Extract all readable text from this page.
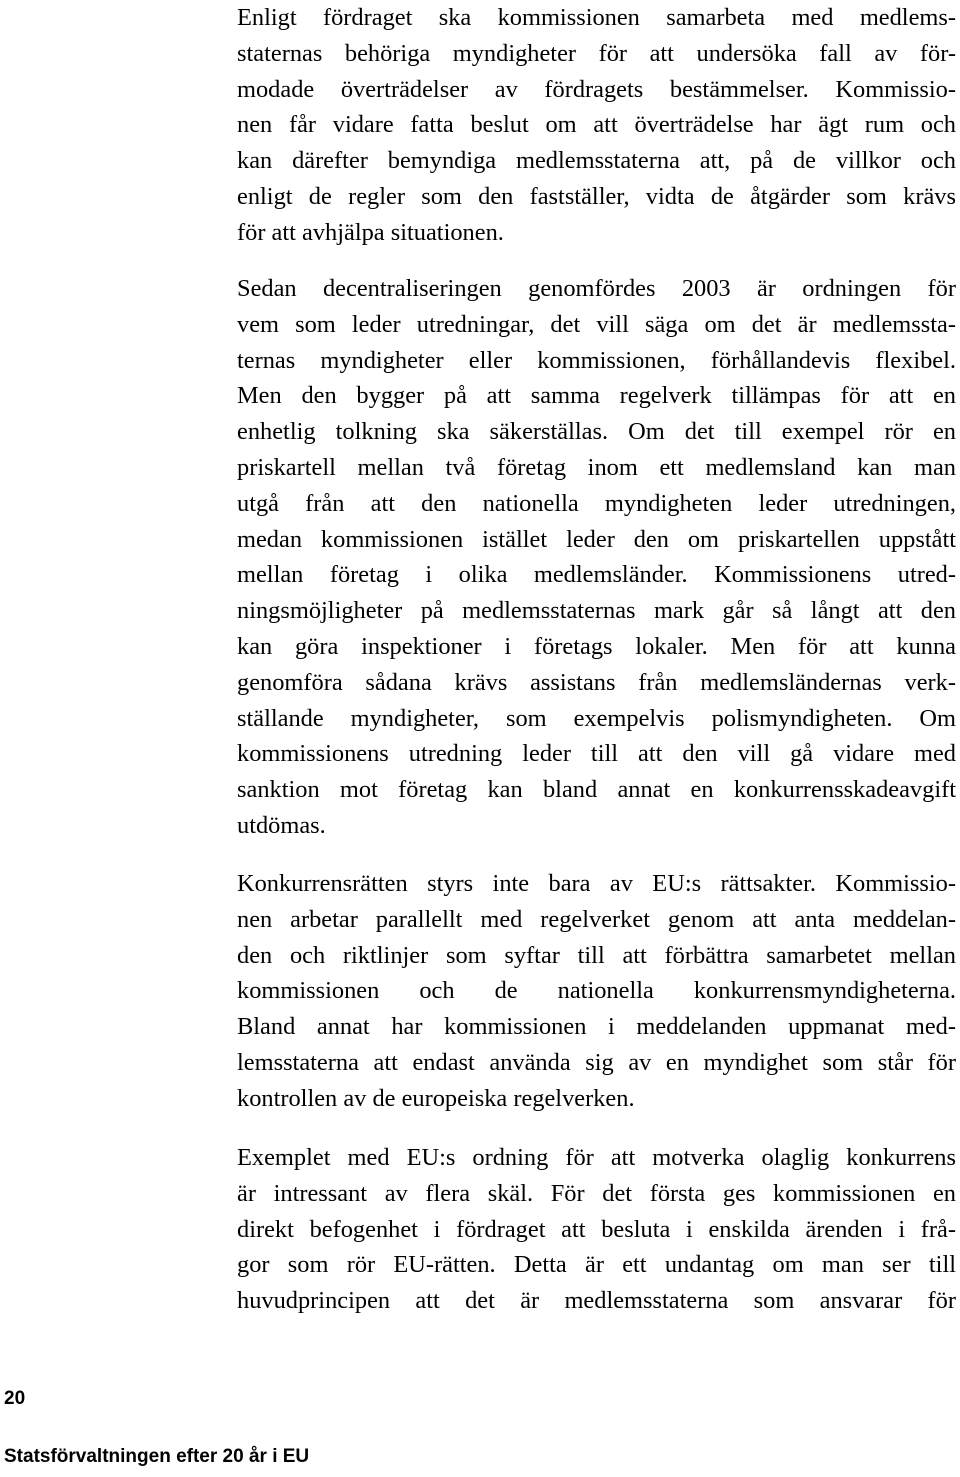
Enligt fördraget ska kommissionen samarbeta med medlems-
staternas behöriga myndigheter för att undersöka fall av för-
modade överträdelser av fördragets bestämmelser. Kommissio-
nen får vidare fatta beslut om att överträdelse har ägt rum och
kan därefter bemyndiga medlemsstaterna att, på de villkor och
enligt de regler som den fastställer, vidta de åtgärder som krävs
för att avhjälpa situationen.
Sedan decentraliseringen genomfördes 2003 är ordningen för
vem som leder utredningar, det vill säga om det är medlemssta-
ternas myndigheter eller kommissionen, förhållandevis flexibel.
Men den bygger på att samma regelverk tillämpas för att en
enhetlig tolkning ska säkerställas. Om det till exempel rör en
priskartell mellan två företag inom ett medlemsland kan man
utgå från att den nationella myndigheten leder utredningen,
medan kommissionen istället leder den om priskartellen uppstått
mellan företag i olika medlemsländer. Kommissionens utred-
ningsmöjligheter på medlemsstaternas mark går så långt att den
kan göra inspektioner i företags lokaler. Men för att kunna
genomföra sådana krävs assistans från medlemsländernas verk-
ställande myndigheter, som exempelvis polismyndigheten. Om
kommissionens utredning leder till att den vill gå vidare med
sanktion mot företag kan bland annat en konkurrensskadeavgift
utdömas.
Konkurrensrätten styrs inte bara av EU:s rättsakter. Kommissio-
nen arbetar parallellt med regelverket genom att anta meddelan-
den och riktlinjer som syftar till att förbättra samarbetet mellan
kommissionen och de nationella konkurrensmyndigheterna.
Bland annat har kommissionen i meddelanden uppmanat med-
lemsstaterna att endast använda sig av en myndighet som står för
kontrollen av de europeiska regelverken.
Exemplet med EU:s ordning för att motverka olaglig konkurrens
är intressant av flera skäl. För det första ges kommissionen en
direkt befogenhet i fördraget att besluta i enskilda ärenden i frå-
gor som rör EU-rätten. Detta är ett undantag om man ser till
huvudprincipen att det är medlemsstaterna som ansvarar för
20
Statsförvaltningen efter 20 år i EU
